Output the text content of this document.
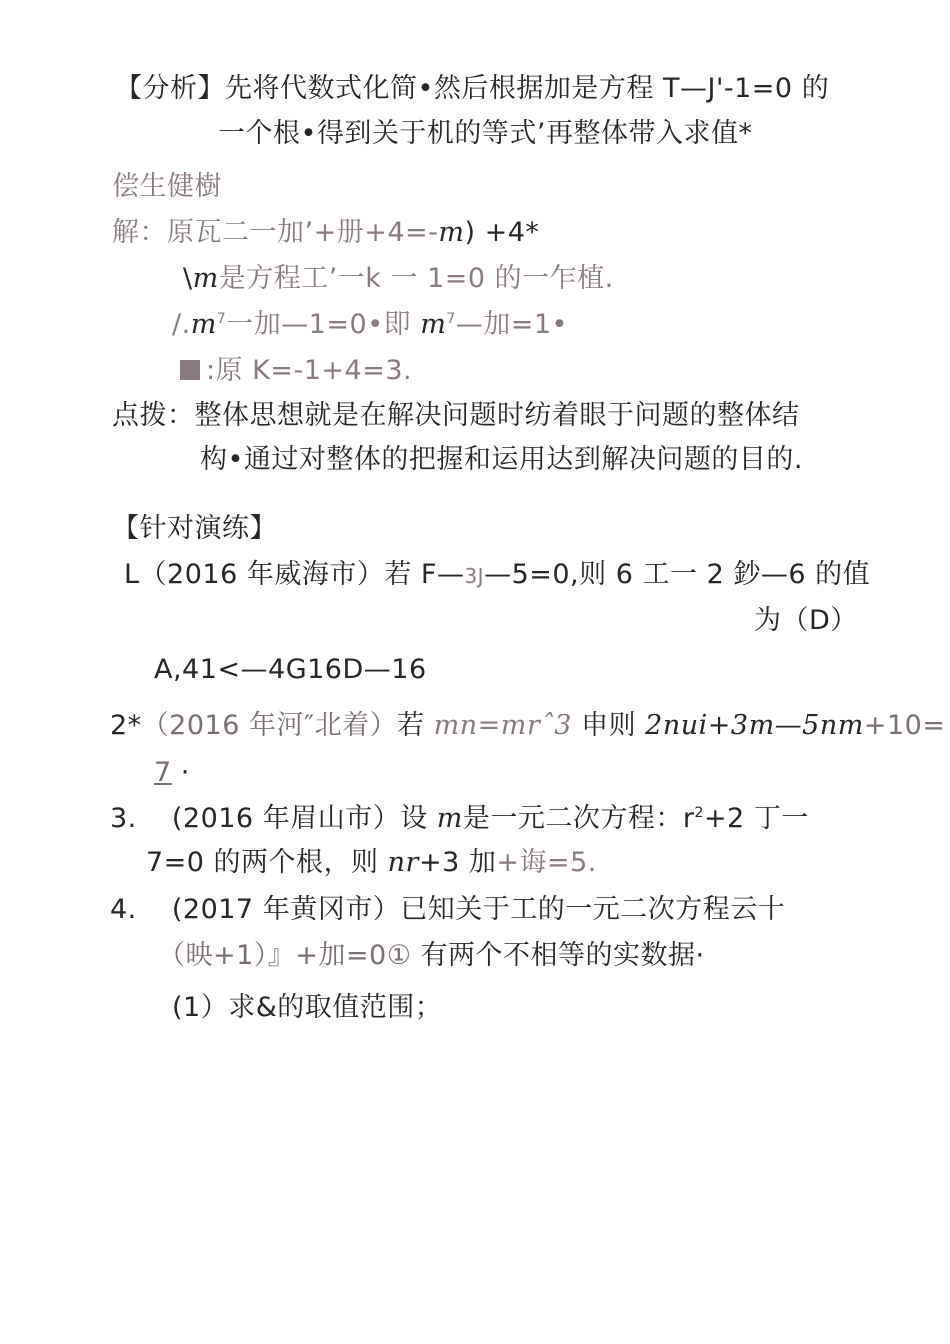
【分析】先将代数式化简•然后根据加是方程 T—J'-1=0 的
一个根•得到关于机的等式’再整体带入求值*
偿生健樹
解：原瓦二一加’+册+4=-m) +4*
\m是方程工’一k 一 1=0 的一乍植.
$∕.m^7$一加—1=0•即 $m^7—$加=1•
:原 K=-1+4=3.
点拨：整体思想就是在解决问题时纺着眼于问题的整体结
构•通过对整体的把握和运用达到解决问题的目的.
【针对演练】
L（2016 年威海市）若 F—3J—5=0,则 6 工一 2 鈔—6 的值
为（D）
A,41<—4G16D—16
2*（2016 年河″北着）若 mn=mrˆ3 申则 2nui+3m—5nm+10=
7 ·
3. (2016 年眉山市）设 m是一元二次方程：$r^2+2$ 丁一
7=0 的两个根，则 nr+3 加+诲=5.
4. (2017 年黄冈市）已知关于工的一元二次方程云十
（映+1）』+加=0① 有两个不相等的实数据·
(1）求&的取值范围；
